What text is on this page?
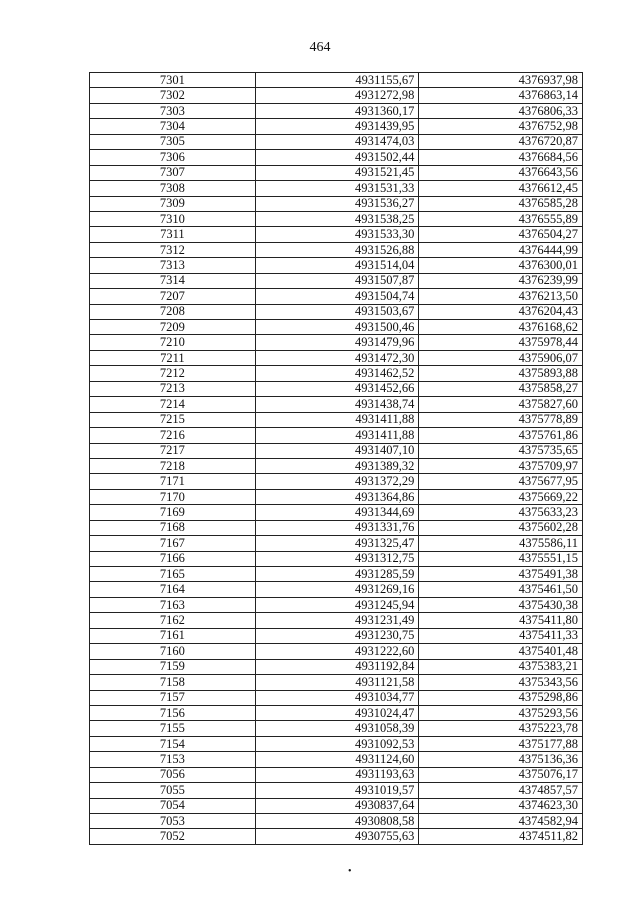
464
7301	4931155,67	4376937,98
7302	4931272,98	4376863,14
7303	4931360,17	4376806,33
7304	4931439,95	4376752,98
7305	4931474,03	4376720,87
7306	4931502,44	4376684,56
7307	4931521,45	4376643,56
7308	4931531,33	4376612,45
7309	4931536,27	4376585,28
7310	4931538,25	4376555,89
7311	4931533,30	4376504,27
7312	4931526,88	4376444,99
7313	4931514,04	4376300,01
7314	4931507,87	4376239,99
7207	4931504,74	4376213,50
7208	4931503,67	4376204,43
7209	4931500,46	4376168,62
7210	4931479,96	4375978,44
7211	4931472,30	4375906,07
7212	4931462,52	4375893,88
7213	4931452,66	4375858,27
7214	4931438,74	4375827,60
7215	4931411,88	4375778,89
7216	4931411,88	4375761,86
7217	4931407,10	4375735,65
7218	4931389,32	4375709,97
7171	4931372,29	4375677,95
7170	4931364,86	4375669,22
7169	4931344,69	4375633,23
7168	4931331,76	4375602,28
7167	4931325,47	4375586,11
7166	4931312,75	4375551,15
7165	4931285,59	4375491,38
7164	4931269,16	4375461,50
7163	4931245,94	4375430,38
7162	4931231,49	4375411,80
7161	4931230,75	4375411,33
7160	4931222,60	4375401,48
7159	4931192,84	4375383,21
7158	4931121,58	4375343,56
7157	4931034,77	4375298,86
7156	4931024,47	4375293,56
7155	4931058,39	4375223,78
7154	4931092,53	4375177,88
7153	4931124,60	4375136,36
7056	4931193,63	4375076,17
7055	4931019,57	4374857,57
7054	4930837,64	4374623,30
7053	4930808,58	4374582,94
7052	4930755,63	4374511,82
•
